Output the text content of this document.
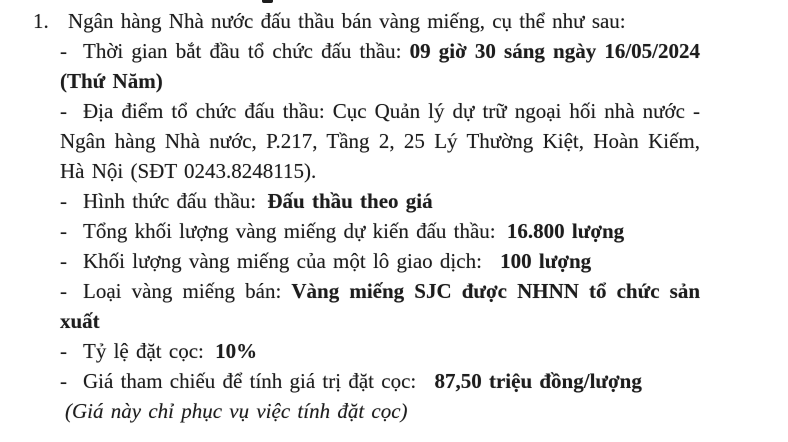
1. Ngân hàng Nhà nước đấu thầu bán vàng miếng, cụ thể như sau:
- Thời gian bắt đầu tổ chức đấu thầu: 09 giờ 30 sáng ngày 16/05/2024
(Thứ Năm)
- Địa điểm tổ chức đấu thầu: Cục Quản lý dự trữ ngoại hối nhà nước -
Ngân hàng Nhà nước, P.217, Tầng 2, 25 Lý Thường Kiệt, Hoàn Kiếm,
Hà Nội (SĐT 0243.8248115).
- Hình thức đấu thầu: Đấu thầu theo giá
- Tổng khối lượng vàng miếng dự kiến đấu thầu: 16.800 lượng
- Khối lượng vàng miếng của một lô giao dịch: 100 lượng
- Loại vàng miếng bán: Vàng miếng SJC được NHNN tổ chức sản
xuất
- Tỷ lệ đặt cọc: 10%
- Giá tham chiếu để tính giá trị đặt cọc: 87,50 triệu đồng/lượng
(Giá này chỉ phục vụ việc tính đặt cọc)
